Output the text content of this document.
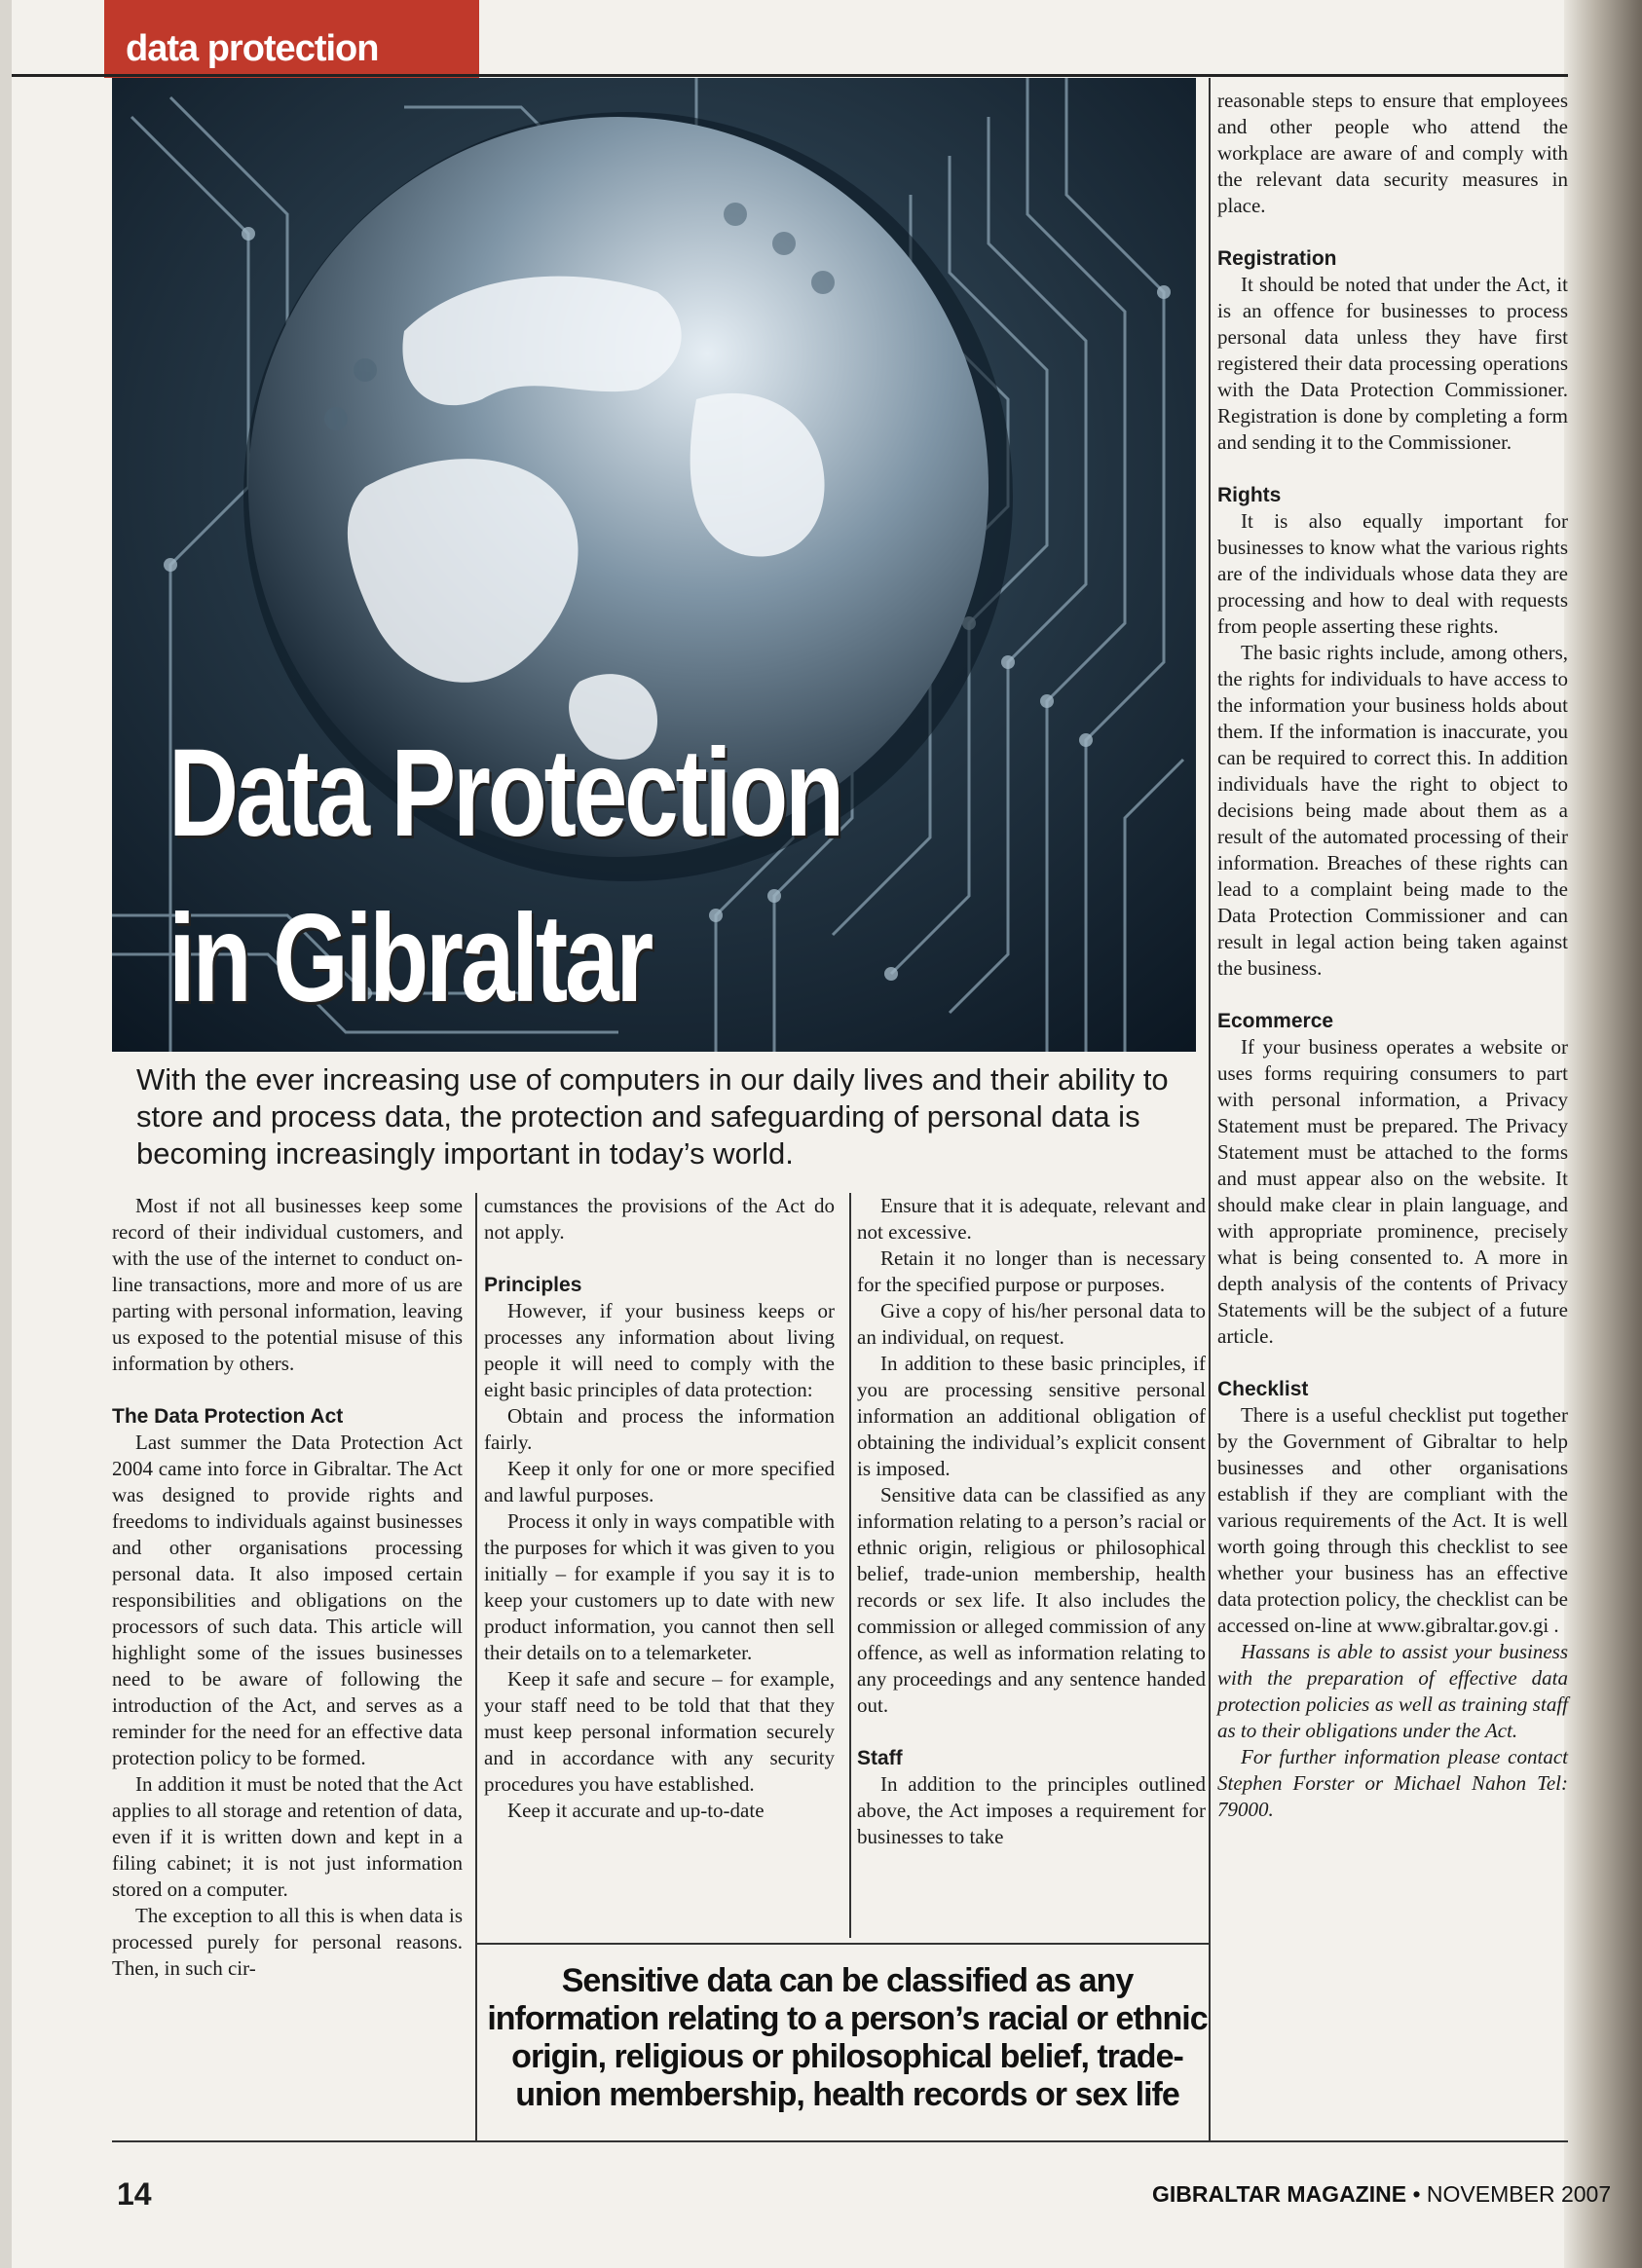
data protection
Data Protection
in Gibraltar

With the ever increasing use of computers in our daily lives and their ability to store and process data, the protection and safeguarding of personal data is becoming increasingly important in today’s world.

Most if not all businesses keep some record of their individual customers, and with the use of the internet to conduct on-line transactions, more and more of us are parting with personal information, leaving us exposed to the potential misuse of this information by others.

The Data Protection Act

Last summer the Data Protection Act 2004 came into force in Gibraltar. The Act was designed to provide rights and freedoms to individuals against businesses and other organisations processing personal data. It also imposed certain responsibilities and obligations on the processors of such data. This article will highlight some of the issues businesses need to be aware of following the introduction of the Act, and serves as a reminder for the need for an effective data protection policy to be formed.

In addition it must be noted that the Act applies to all storage and retention of data, even if it is written down and kept in a filing cabinet; it is not just information stored on a computer.

The exception to all this is when data is processed purely for personal reasons. Then, in such cir-

cumstances the provisions of the Act do not apply.

Principles

However, if your business keeps or processes any information about living people it will need to comply with the eight basic principles of data protection:

Obtain and process the information fairly.

Keep it only for one or more specified and lawful purposes.

Process it only in ways compatible with the purposes for which it was given to you initially – for example if you say it is to keep your customers up to date with new product information, you cannot then sell their details on to a telemarketer.

Keep it safe and secure – for example, your staff need to be told that that they must keep personal information securely and in accordance with any security procedures you have established.

Keep it accurate and up-to-date

Ensure that it is adequate, relevant and not excessive.

Retain it no longer than is necessary for the specified purpose or purposes.

Give a copy of his/her personal data to an individual, on request.

In addition to these basic principles, if you are processing sensitive personal information an additional obligation of obtaining the individual’s explicit consent is imposed.

Sensitive data can be classified as any information relating to a person’s racial or ethnic origin, religious or philosophical belief, trade-union membership, health records or sex life. It also includes the commission or alleged commission of any offence, as well as information relating to any proceedings and any sentence handed out.

Staff

In addition to the principles outlined above, the Act imposes a requirement for businesses to take

reasonable steps to ensure that employees and other people who attend the workplace are aware of and comply with the relevant data security measures in place.

Registration

It should be noted that under the Act, it is an offence for businesses to process personal data unless they have first registered their data processing operations with the Data Protection Commissioner. Registration is done by completing a form and sending it to the Commissioner.

Rights

It is also equally important for businesses to know what the various rights are of the individuals whose data they are processing and how to deal with requests from people asserting these rights.

The basic rights include, among others, the rights for individuals to have access to the information your business holds about them. If the information is inaccurate, you can be required to correct this. In addition individuals have the right to object to decisions being made about them as a result of the automated processing of their information. Breaches of these rights can lead to a complaint being made to the Data Protection Commissioner and can result in legal action being taken against the business.

Ecommerce

If your business operates a website or uses forms requiring consumers to part with personal information, a Privacy Statement must be prepared. The Privacy Statement must be attached to the forms and must appear also on the website. It should make clear in plain language, and with appropriate prominence, precisely what is being consented to. A more in depth analysis of the contents of Privacy Statements will be the subject of a future article.

Checklist

There is a useful checklist put together by the Government of Gibraltar to help businesses and other organisations establish if they are compliant with the various requirements of the Act. It is well worth going through this checklist to see whether your business has an effective data protection policy, the checklist can be accessed on-line at www.gibraltar.gov.gi .

Hassans is able to assist your business with the preparation of effective data protection policies as well as training staff as to their obligations under the Act.

For further information please contact Stephen Forster or Michael Nahon Tel: 79000.

Sensitive data can be classified as any information relating to a person’s racial or ethnic origin, religious or philosophical belief, trade-union membership, health records or sex life

14	GIBRALTAR MAGAZINE • NOVEMBER 2007
